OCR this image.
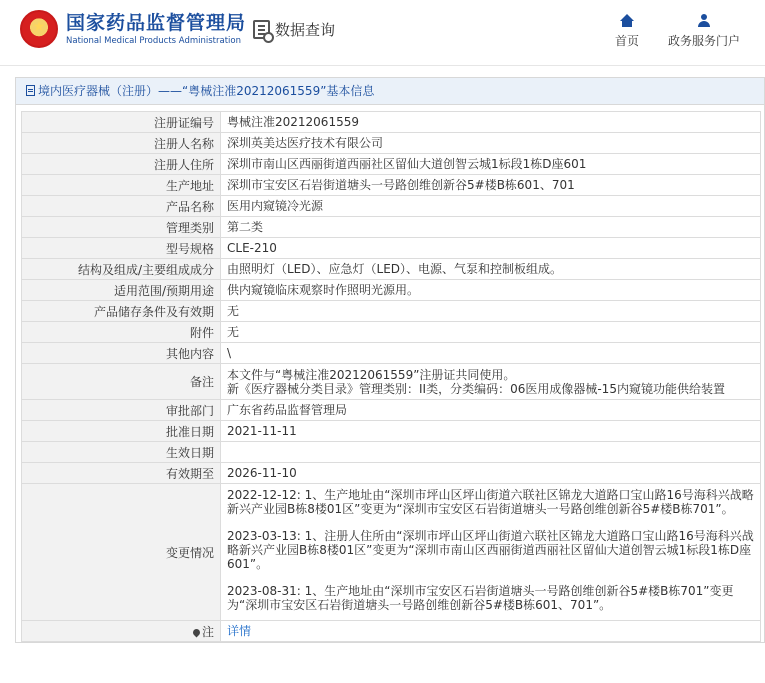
★ 国家药品监督管理局
National Medical Products Administration
数据查询
首页 政务服务门户
境内医疗器械（注册）——“粤械注准20212061559”基本信息
注册证编号	粤械注准20212061559
注册人名称	深圳英美达医疗技术有限公司
注册人住所	深圳市南山区西丽街道西丽社区留仙大道创智云城1标段1栋D座601
生产地址	深圳市宝安区石岩街道塘头一号路创维创新谷5#楼B栋601、701
产品名称	医用内窥镜冷光源
管理类别	第二类
型号规格	CLE-210
结构及组成/主要组成成分	由照明灯（LED）、应急灯（LED）、电源、气泵和控制板组成。
适用范围/预期用途	供内窥镜临床观察时作照明光源用。
产品储存条件及有效期	无
附件	无
其他内容	\
备注	本文件与“粤械注准20212061559”注册证共同使用。
新《医疗器械分类目录》管理类别：II类，分类编码：06医用成像器械-15内窥镜功能供给装置

审批部门	广东省药品监督管理局
批准日期	2021-11-11
生效日期	
有效期至	2026-11-10
变更情况	2022-12-12: 1、生产地址由“深圳市坪山区坪山街道六联社区锦龙大道路口宝山路16号海科兴战略新兴产业园B栋8楼01区”变更为“深圳市宝安区石岩街道塘头一号路创维创新谷5#楼B栋701”。

2023-03-13: 1、注册人住所由“深圳市坪山区坪山街道六联社区锦龙大道路口宝山路16号海科兴战略新兴产业园B栋8楼01区”变更为“深圳市南山区西丽街道西丽社区留仙大道创智云城1标段1栋D座601”。

2023-08-31: 1、生产地址由“深圳市宝安区石岩街道塘头一号路创维创新谷5#楼B栋701”变更为“深圳市宝安区石岩街道塘头一号路创维创新谷5#楼B栋601、701”。

注	详情
